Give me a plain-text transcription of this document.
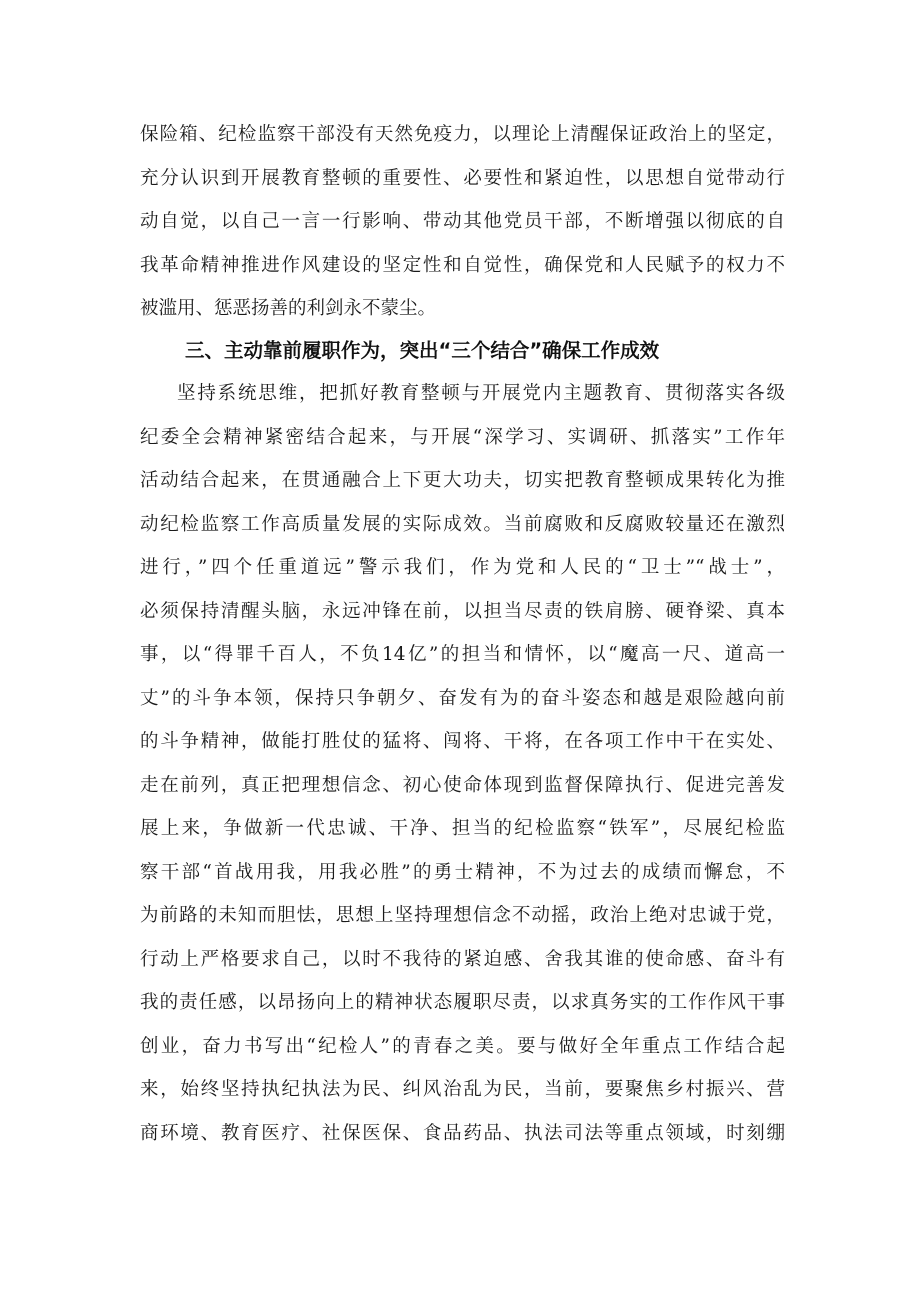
保险箱、纪检监察干部没有天然免疫力，以理论上清醒保证政治上的坚定，
充分认识到开展教育整顿的重要性、必要性和紧迫性，以思想自觉带动行
动自觉，以自己一言一行影响、带动其他党员干部，不断增强以彻底的自
我革命精神推进作风建设的坚定性和自觉性，确保党和人民赋予的权力不
被滥用、惩恶扬善的利剑永不蒙尘。
三、主动靠前履职作为，突出“三个结合”确保工作成效
坚持系统思维，把抓好教育整顿与开展党内主题教育、贯彻落实各级
纪委全会精神紧密结合起来，与开展“深学习、实调研、抓落实”工作年
活动结合起来，在贯通融合上下更大功夫，切实把教育整顿成果转化为推
动纪检监察工作高质量发展的实际成效。当前腐败和反腐败较量还在激烈
进行，”四个任重道远”警示我们，作为党和人民的“卫士”“战士”，
必须保持清醒头脑，永远冲锋在前，以担当尽责的铁肩膀、硬脊梁、真本
事，以“得罪千百人，不负14亿”的担当和情怀，以“魔高一尺、道高一
丈”的斗争本领，保持只争朝夕、奋发有为的奋斗姿态和越是艰险越向前
的斗争精神，做能打胜仗的猛将、闯将、干将，在各项工作中干在实处、
走在前列，真正把理想信念、初心使命体现到监督保障执行、促进完善发
展上来，争做新一代忠诚、干净、担当的纪检监察“铁军”，尽展纪检监
察干部“首战用我，用我必胜”的勇士精神，不为过去的成绩而懈怠，不
为前路的未知而胆怯，思想上坚持理想信念不动摇，政治上绝对忠诚于党，
行动上严格要求自己，以时不我待的紧迫感、舍我其谁的使命感、奋斗有
我的责任感，以昂扬向上的精神状态履职尽责，以求真务实的工作作风干事
创业，奋力书写出“纪检人”的青春之美。要与做好全年重点工作结合起
来，始终坚持执纪执法为民、纠风治乱为民，当前，要聚焦乡村振兴、营
商环境、教育医疗、社保医保、食品药品、执法司法等重点领域，时刻绷
